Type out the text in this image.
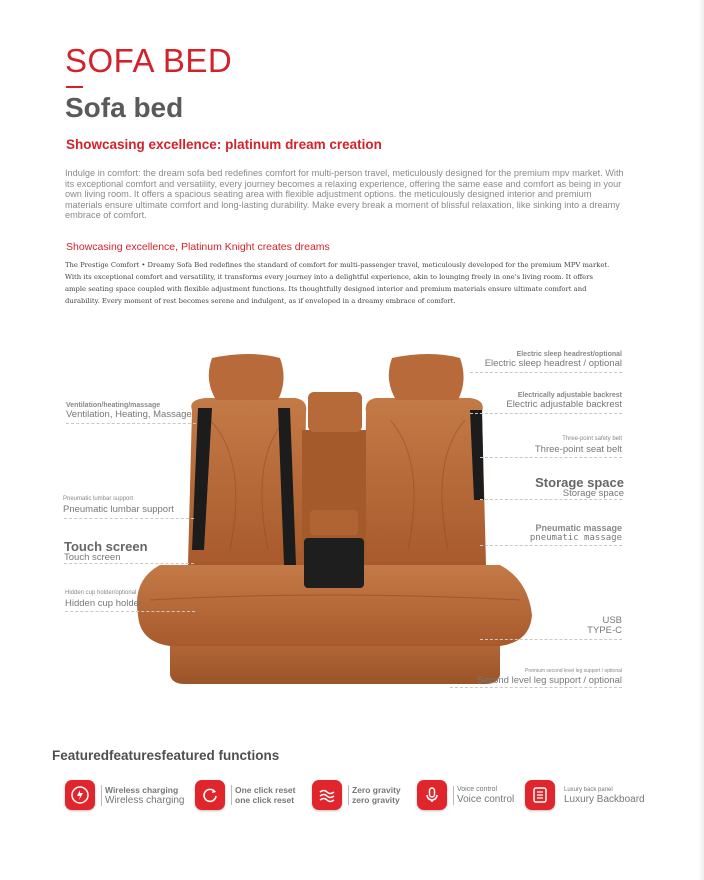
SOFA BED
Sofa bed
Showcasing excellence: platinum dream creation
Indulge in comfort: the dream sofa bed redefines comfort for multi-person travel, meticulously designed for the premium mpv market. With its exceptional comfort and versatility, every journey becomes a relaxing experience, offering the same ease and comfort as being in your own living room. It offers a spacious seating area with flexible adjustment options. the meticulously designed interior and premium materials ensure ultimate comfort and long-lasting durability. Make every break a moment of blissful relaxation, like sinking into a dreamy embrace of comfort.
Showcasing excellence, Platinum Knight creates dreams
The Prestige Comfort • Dreamy Sofa Bed redefines the standard of comfort for multi-passenger travel, meticulously developed for the premium MPV market. With its exceptional comfort and versatility, it transforms every journey into a delightful experience, akin to lounging freely in one's living room. It offers ample seating space coupled with flexible adjustment functions. Its thoughtfully designed interior and premium materials ensure ultimate comfort and durability. Every moment of rest becomes serene and indulgent, as if enveloped in a dreamy embrace of comfort.
Ventilation/heating/massage
Ventilation, Heating, Massage
Pneumatic lumbar support
Pneumatic lumbar support
Touch screen
Touch screen
Hidden cup holder/optional
Hidden cup holder
Electric sleep headrest/optional
Electric sleep headrest / optional
Electrically adjustable backrest
Electric adjustable backrest
Three-point safety belt
Three-point seat belt
Storage space
Storage space
Pneumatic massage
pneumatic massage
USB
TYPE-C
Premium second level leg support / optional
Second level leg support / optional
Featuredfeaturesfeatured functions
Wireless charging
Wireless charging
One click reset
one click reset
Zero gravity
zero gravity
Voice control
Voice control
Luxury back panel
Luxury Backboard
